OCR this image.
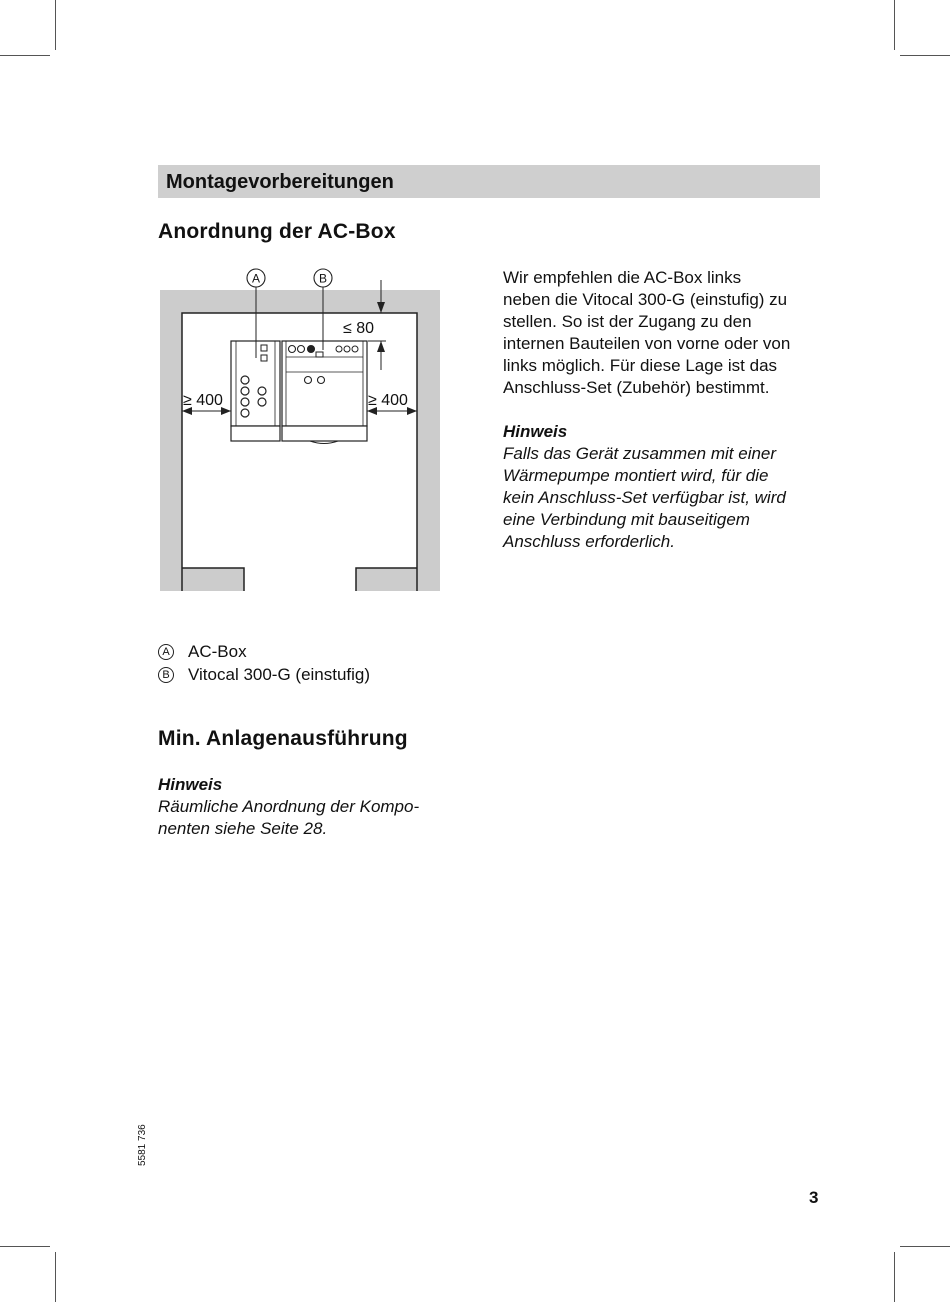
Montagevorbereitungen
Anordnung der AC-Box
A	B
≤ 80
≥ 400	≥ 400
Wir empfehlen die AC-Box links
neben die Vitocal 300-G (einstufig) zu
stellen. So ist der Zugang zu den
internen Bauteilen von vorne oder von
links möglich. Für diese Lage ist das
Anschluss-Set (Zubehör) bestimmt.
Hinweis
Falls das Gerät zusammen mit einer
Wärmepumpe montiert wird, für die
kein Anschluss-Set verfügbar ist, wird
eine Verbindung mit bauseitigem
Anschluss erforderlich.
A AC-Box
B Vitocal 300-G (einstufig)
Min. Anlagenausführung
Hinweis
Räumliche Anordnung der Kompo-
nenten siehe Seite 28.
5581 736
3
